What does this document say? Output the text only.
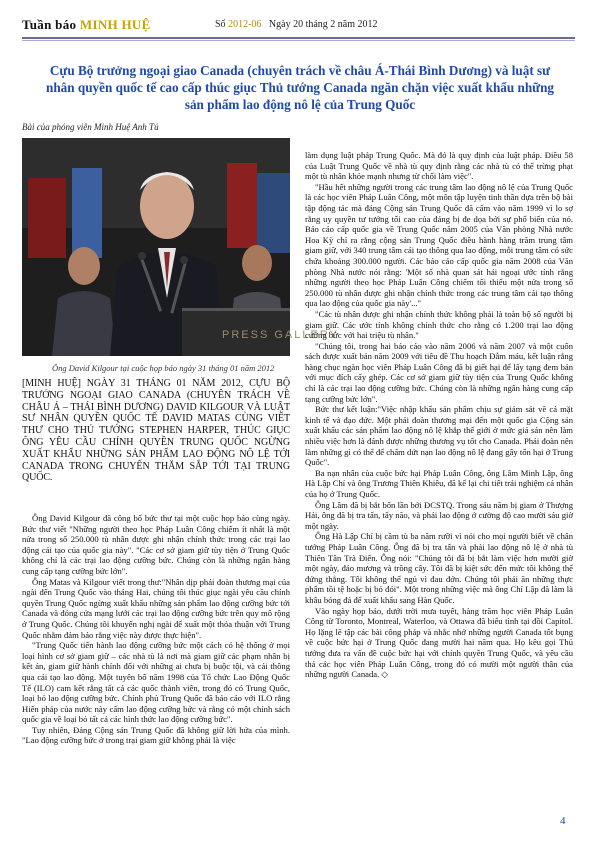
Tuần báo MINH HUỆ	Số 2012-06 Ngày 20 tháng 2 năm 2012
Cựu Bộ trưởng ngoại giao Canada (chuyên trách về châu Á-Thái Bình Dương) và luật sư nhân quyền quốc tế cao cấp thúc giục Thủ tướng Canada ngăn chặn việc xuất khẩu những sản phẩm lao động nô lệ của Trung Quốc
Bài của phóng viên Minh Huệ Anh Tú
PRESS GALLERY
Ông David Kilgour tại cuộc họp báo ngày 31 tháng 01 năm 2012

[MINH HUỆ] NGÀY 31 THÁNG 01 NĂM 2012, CỰU BỘ TRƯỞNG NGOẠI GIAO CANADA (CHUYÊN TRÁCH VỀ CHÂU Á – THÁI BÌNH DƯƠNG) DAVID KILGOUR VÀ LUẬT SƯ NHÂN QUYỀN QUỐC TẾ DAVID MATAS CÙNG VIẾT THƯ CHO THỦ TƯỚNG STEPHEN HARPER, THÚC GIỤC ÔNG YÊU CẦU CHÍNH QUYỀN TRUNG QUỐC NGỪNG XUẤT KHẨU NHỮNG SẢN PHẨM LAO ĐỘNG NÔ LỆ TỚI CANADA TRONG CHUYẾN THĂM SẮP TỚI TẠI TRUNG QUỐC.

Ông David Kilgour đã công bố bức thư tại một cuộc họp báo cùng ngày. Bức thư viết "Những người theo học Pháp Luân Công chiếm ít nhất là một nửa trong số 250.000 tù nhân được ghi nhận chính thức trong các trại lao động cải tạo của quốc gia này". "Các cơ sở giam giữ tùy tiện ở Trung Quốc không chỉ là các trại lao động cưỡng bức. Chúng còn là những ngân hàng cung cấp tạng cưỡng bức lớn".

Ông Matas và Kilgour viết trong thư:"Nhân dịp phái đoàn thương mại của ngài đến Trung Quốc vào tháng Hai, chúng tôi thúc giục ngài yêu cầu chính quyền Trung Quốc ngừng xuất khẩu những sản phẩm lao động cưỡng bức tới Canada và đóng cửa mạng lưới các trại lao động cưỡng bức trên quy mô rộng ở Trung Quốc. Chúng tôi khuyến nghị ngài để xuất một thỏa thuận với Trung Quốc nhằm đảm bảo rằng việc này được thực hiện".

"Trung Quốc tiến hành lao động cưỡng bức một cách có hệ thống ở mọi loại hình cơ sở giam giữ – các nhà tù là nơi mà giam giữ các phạm nhân bị kết án, giam giữ hành chính đối với những ai chưa bị buộc tội, và cải thông qua cải tạo lao động. Một tuyên bố năm 1998 của Tổ chức Lao Động Quốc Tế (ILO) cam kết rằng tất cả các quốc thành viên, trong đó có Trung Quốc, loại bỏ lao động cưỡng bức. Chính phủ Trung Quốc đã báo cáo với ILO rằng Hiến pháp của nước này cấm lao động cưỡng bức và rằng có một chính sách quốc gia về loại bỏ tất cả các hình thức lao động cưỡng bức".

Tuy nhiên, Đảng Cộng sản Trung Quốc đã không giữ lời hứa của mình. "Lao động cưỡng bức ở trong trại giam giữ không phải là việc

làm dụng luật pháp Trung Quốc. Mà đó là quy định của luật pháp. Điều 58 của Luật Trung Quốc về nhà tù quy định rằng các nhà tù có thể trừng phạt một tù nhân khỏe mạnh nhưng từ chối làm việc".

"Hầu hết những người trong các trung tâm lao động nô lệ của Trung Quốc là các học viên Pháp Luân Công, một môn tập luyện tinh thần dựa trên bộ bài tập động tác mà đảng Cộng sản Trung Quốc đã cấm vào năm 1999 vì lo sợ rằng uy quyền tư tưởng tối cao của đảng bị đe dọa bởi sự phổ biến của nó. Báo cáo cấp quốc gia về Trung Quốc năm 2005 của Văn phòng Nhà nước Hoa Kỳ chỉ ra rằng cộng sản Trung Quốc điều hành hàng trăm trung tâm giam giữ, với 340 trung tâm cải tạo thông qua lao động, mỗi trung tâm có sức chứa khoảng 300.000 người. Các báo cáo cấp quốc gia năm 2008 của Văn phòng Nhà nước nói rằng: 'Một số nhà quan sát hải ngoại ước tính rằng những người theo học Pháp Luân Công chiếm tối thiểu một nửa trong số 250.000 tù nhân được ghi nhận chính thức trong các trung tâm cải tạo thông qua lao động của quốc gia này'..."

"Các tù nhân được ghi nhận chính thức không phải là toàn bộ số người bị giam giữ. Các ước tính không chính thức cho rằng có 1.200 trại lao động cưỡng bức với hai triệu tù nhân."

"Chúng tôi, trong hai báo cáo vào năm 2006 và năm 2007 và một cuốn sách được xuất bản năm 2009 với tiêu đề Thu hoạch Đẫm máu, kết luận rằng hàng chục ngàn học viên Pháp Luân Công đã bị giết hại để lấy tạng đem bán với mục đích cấy ghép. Các cơ sở giam giữ tùy tiện của Trung Quốc không chỉ là các trại lao động cưỡng bức. Chúng còn là những ngân hàng cung cấp tạng cưỡng bức lớn".

Bức thư kết luận:"Việc nhập khẩu sản phẩm chịu sự giám sát về cả mặt kinh tế và đạo đức. Một phái đoàn thương mại đến một quốc gia Cộng sản xuất khẩu các sản phẩm lao động nô lệ khắp thế giới ở mức giá sản nên làm nhiều việc hơn là đánh được những thương vụ tốt cho Canada. Phái đoàn nên làm những gì có thể để chấm dứt nạn lao động nô lệ đang gây tổn hại ở Trung Quốc".

Ba nạn nhân của cuộc bức hại Pháp Luân Công, ông Lâm Minh Lập, ông Hà Lập Chí và ông Trương Thiên Khiêu, đã kể lại chi tiết trải nghiệm cá nhân của họ ở Trung Quốc.

Ông Lâm đã bị bắt bốn lần bởi ĐCSTQ. Trong sáu năm bị giam ở Thượng Hải, ông đã bị tra tấn, tẩy não, và phải lao động ở cường độ cao mười sáu giờ một ngày.

Ông Hà Lập Chí bị cầm tù ba năm rưỡi vì nói cho mọi người biết về chân tướng Pháp Luân Công. Ông đã bị tra tấn và phải lao động nô lệ ở nhà tù Thiên Tân Trà Điến. Ông nói: "Chúng tôi đã bị bắt làm việc hơn mười giờ một ngày, đảo mương và trồng cây. Tôi đã bị kiệt sức đến mức tôi không thể đứng thẳng. Tôi không thể ngủ vì đau đớn. Chúng tôi phải ăn những thực phẩm tồi tệ hoặc bị bỏ đói". Một trong những việc mà ông Chí Lập đã làm là khâu bóng đá để xuất khẩu sang Hàn Quốc.

Vào ngày họp báo, dưới trời mưa tuyết, hàng trăm học viên Pháp Luân Công từ Toronto, Montreal, Waterloo, và Ottawa đã biểu tình tại đồi Capitol. Họ lặng lẽ tập các bài công pháp và nhắc nhở những người Canada tốt bụng về cuộc bức hại ở Trung Quốc đang mười hai năm qua. Họ kêu gọi Thủ tướng đưa ra vấn đề cuộc bức hại với chính quyền Trung Quốc, và yêu cầu thả các học viên Pháp Luân Công, trong đó có mười một người thân của những người Canada. ◇

4
